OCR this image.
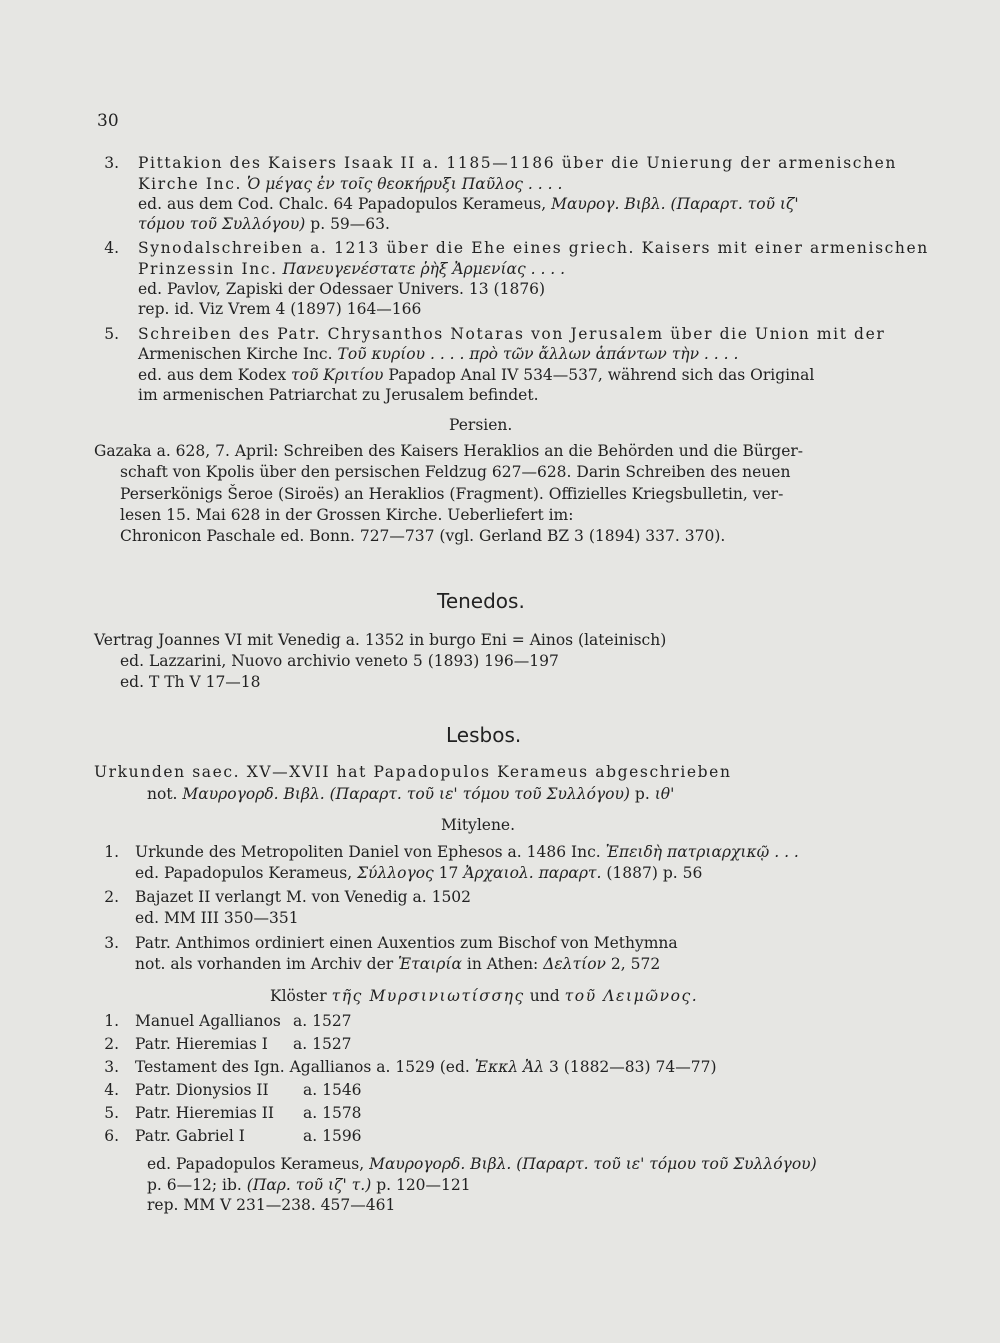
30
3. Pittakion des Kaisers Isaak II a. 1185—1186 über die Unierung der armenischen
Kirche Inc. Ὁ μέγας ἐν τοῖς θεοκήρυξι Παῦλος . . . .
ed. aus dem Cod. Chalc. 64 Papadopulos Kerameus, Μαυρογ. Βιβλ. (Παραρτ. τοῦ ιζ'
τόμου τοῦ Συλλόγου) p. 59—63.
4. Synodalschreiben a. 1213 über die Ehe eines griech. Kaisers mit einer armenischen
Prinzessin Inc. Πανευγενέστατε ῥὴξ Ἀρμενίας . . . .
ed. Pavlov, Zapiski der Odessaer Univers. 13 (1876)
rep. id. Viz Vrem 4 (1897) 164—166
5. Schreiben des Patr. Chrysanthos Notaras von Jerusalem über die Union mit der
Armenischen Kirche Inc. Τοῦ κυρίου . . . . πρὸ τῶν ἄλλων ἁπάντων τὴν . . . .
ed. aus dem Kodex τοῦ Κριτίου Papadop Anal IV 534—537, während sich das Original
im armenischen Patriarchat zu Jerusalem befindet.
Persien.
Gazaka a. 628, 7. April: Schreiben des Kaisers Heraklios an die Behörden und die Bürger-
schaft von Kpolis über den persischen Feldzug 627—628. Darin Schreiben des neuen
Perserkönigs Šeroe (Siroës) an Heraklios (Fragment). Offizielles Kriegsbulletin, ver-
lesen 15. Mai 628 in der Grossen Kirche. Ueberliefert im:
Chronicon Paschale ed. Bonn. 727—737 (vgl. Gerland BZ 3 (1894) 337. 370).
Tenedos.
Vertrag Joannes VI mit Venedig a. 1352 in burgo Eni = Ainos (lateinisch)
ed. Lazzarini, Nuovo archivio veneto 5 (1893) 196—197
ed. T Th V 17—18
Lesbos.
Urkunden saec. XV—XVII hat Papadopulos Kerameus abgeschrieben
not. Μαυρογορδ. Βιβλ. (Παραρτ. τοῦ ιε' τόμου τοῦ Συλλόγου) p. ιθ'
Mitylene.
1. Urkunde des Metropoliten Daniel von Ephesos a. 1486 Inc. Ἐπειδὴ πατριαρχικῷ . . .
ed. Papadopulos Kerameus, Σύλλογος 17 Ἀρχαιολ. παραρτ. (1887) p. 56
2. Bajazet II verlangt M. von Venedig a. 1502
ed. MM III 350—351
3. Patr. Anthimos ordiniert einen Auxentios zum Bischof von Methymna
not. als vorhanden im Archiv der Ἑταιρία in Athen: Δελτίον 2, 572
Klöster τῆς Μυρσινιωτίσσης und τοῦ Λειμῶνος.
1. Manuel Agallianos a. 1527
2. Patr. Hieremias I a. 1527
3. Testament des Ign. Agallianos a. 1529 (ed. Ἐκκλ Ἀλ 3 (1882—83) 74—77)
4. Patr. Dionysios II a. 1546
5. Patr. Hieremias II a. 1578
6. Patr. Gabriel I	a. 1596
ed. Papadopulos Kerameus, Μαυρογορδ. Βιβλ. (Παραρτ. τοῦ ιε' τόμου τοῦ Συλλόγου)
p. 6—12; ib. (Παρ. τοῦ ιζ' τ.) p. 120—121
rep. MM V 231—238. 457—461
